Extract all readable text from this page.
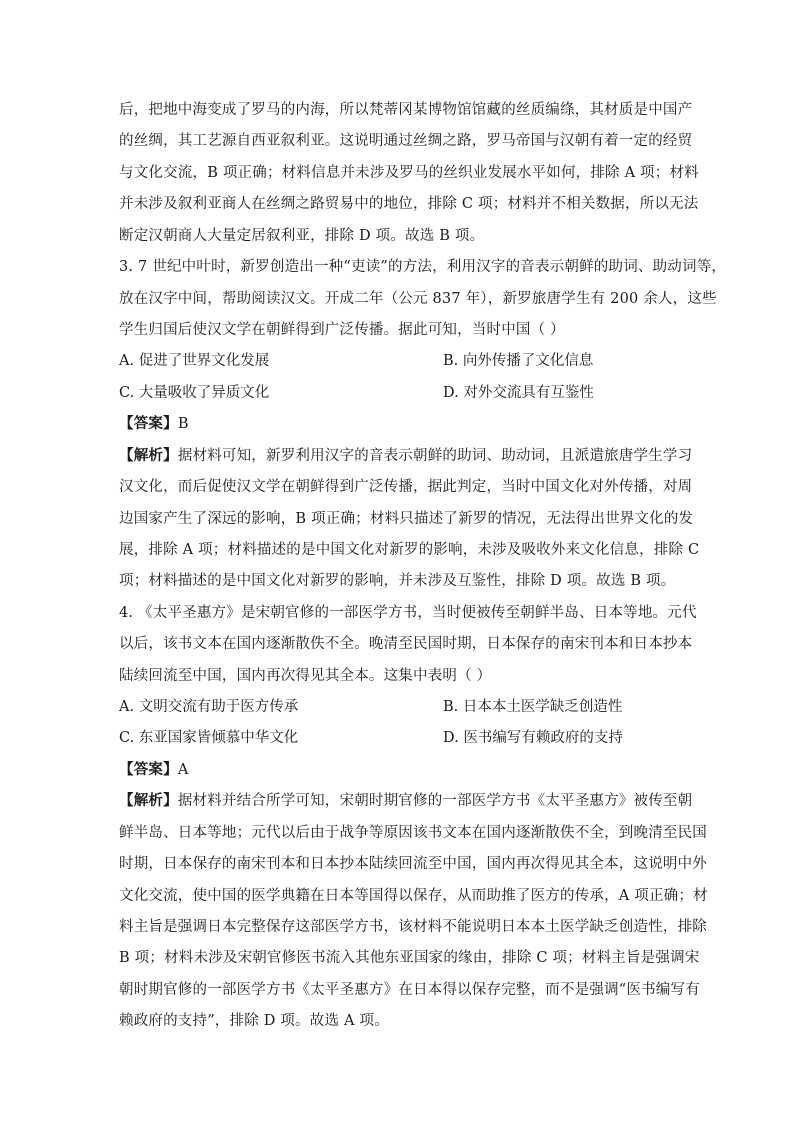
后，把地中海变成了罗马的内海，所以梵蒂冈某博物馆馆藏的丝质编绦，其材质是中国产
的丝绸，其工艺源自西亚叙利亚。这说明通过丝绸之路，罗马帝国与汉朝有着一定的经贸
与文化交流，B 项正确；材料信息并未涉及罗马的丝织业发展水平如何，排除 A 项；材料
并未涉及叙利亚商人在丝绸之路贸易中的地位，排除 C 项；材料并不相关数据，所以无法
断定汉朝商人大量定居叙利亚，排除 D 项。故选 B 项。
3. 7 世纪中叶时，新罗创造出一种“吏读”的方法，利用汉字的音表示朝鲜的助词、助动词等，
放在汉字中间，帮助阅读汉文。开成二年（公元 837 年），新罗旅唐学生有 200 余人，这些
学生归国后使汉文学在朝鲜得到广泛传播。据此可知，当时中国（ ）
A. 促进了世界文化发展	B. 向外传播了文化信息
C. 大量吸收了异质文化	D. 对外交流具有互鉴性
【答案】B
【解析】据材料可知，新罗利用汉字的音表示朝鲜的助词、助动词，且派遣旅唐学生学习
汉文化，而后促使汉文学在朝鲜得到广泛传播，据此判定，当时中国文化对外传播，对周
边国家产生了深远的影响，B 项正确；材料只描述了新罗的情况，无法得出世界文化的发
展，排除 A 项；材料描述的是中国文化对新罗的影响，未涉及吸收外来文化信息，排除 C
项；材料描述的是中国文化对新罗的影响，并未涉及互鉴性，排除 D 项。故选 B 项。
4. 《太平圣惠方》是宋朝官修的一部医学方书，当时便被传至朝鲜半岛、日本等地。元代
以后，该书文本在国内逐渐散佚不全。晚清至民国时期，日本保存的南宋刊本和日本抄本
陆续回流至中国，国内再次得见其全本。这集中表明（ ）
A. 文明交流有助于医方传承	B. 日本本土医学缺乏创造性
C. 东亚国家皆倾慕中华文化	D. 医书编写有赖政府的支持
【答案】A
【解析】据材料并结合所学可知，宋朝时期官修的一部医学方书《太平圣惠方》被传至朝
鲜半岛、日本等地；元代以后由于战争等原因该书文本在国内逐渐散佚不全，到晚清至民国
时期，日本保存的南宋刊本和日本抄本陆续回流至中国，国内再次得见其全本，这说明中外
文化交流，使中国的医学典籍在日本等国得以保存，从而助推了医方的传承，A 项正确；材
料主旨是强调日本完整保存这部医学方书，该材料不能说明日本本土医学缺乏创造性，排除
B 项；材料未涉及宋朝官修医书流入其他东亚国家的缘由，排除 C 项；材料主旨是强调宋
朝时期官修的一部医学方书《太平圣惠方》在日本得以保存完整，而不是强调“医书编写有
赖政府的支持”，排除 D 项。故选 A 项。
